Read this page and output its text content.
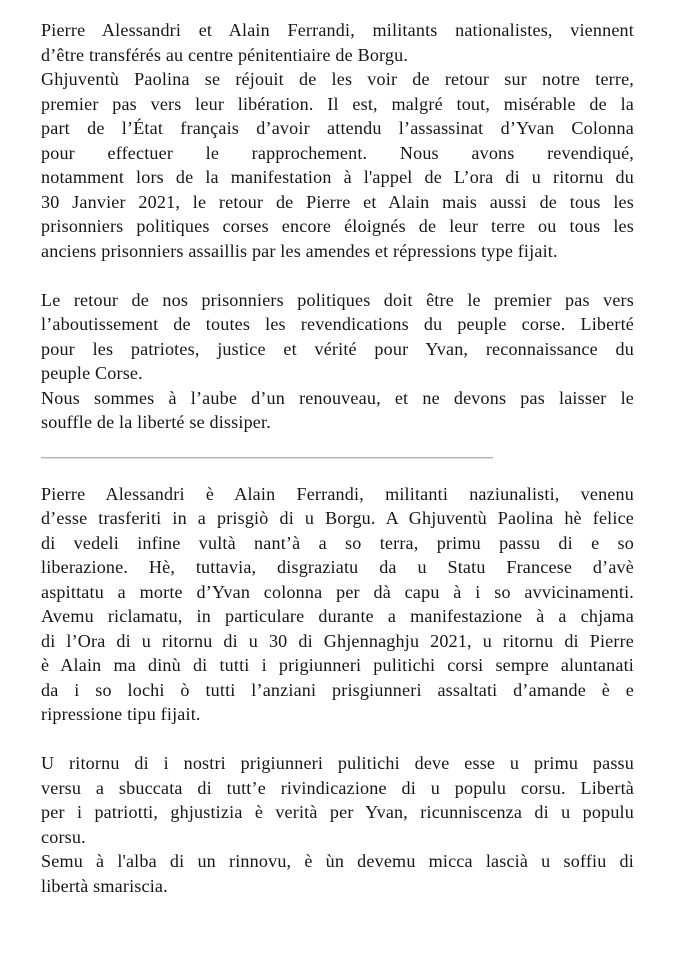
Pierre Alessandri et Alain Ferrandi, militants nationalistes, viennent
d’être transférés au centre pénitentiaire de Borgu.
Ghjuventù Paolina se réjouit de les voir de retour sur notre terre,
premier pas vers leur libération. Il est, malgré tout, misérable de la
part de l’État français d’avoir attendu l’assassinat d’Yvan Colonna
pour effectuer le rapprochement. Nous avons revendiqué,
notamment lors de la manifestation à l'appel de L’ora di u ritornu du
30 Janvier 2021, le retour de Pierre et Alain mais aussi de tous les
prisonniers politiques corses encore éloignés de leur terre ou tous les
anciens prisonniers assaillis par les amendes et répressions type fijait.
Le retour de nos prisonniers politiques doit être le premier pas vers
l’aboutissement de toutes les revendications du peuple corse. Liberté
pour les patriotes, justice et vérité pour Yvan, reconnaissance du
peuple Corse.
Nous sommes à l’aube d’un renouveau, et ne devons pas laisser le
souffle de la liberté se dissiper.
Pierre Alessandri è Alain Ferrandi, militanti naziunalisti, venenu
d’esse trasferiti in a prisgiò di u Borgu. A Ghjuventù Paolina hè felice
di vedeli infine vultà nant’à a so terra, primu passu di e so
liberazione. Hè, tuttavia, disgraziatu da u Statu Francese d’avè
aspittatu a morte d’Yvan colonna per dà capu à i so avvicinamenti.
Avemu riclamatu, in particulare durante a manifestazione à a chjama
di l’Ora di u ritornu di u 30 di Ghjennaghju 2021, u ritornu di Pierre
è Alain ma dinù di tutti i prigiunneri pulitichi corsi sempre aluntanati
da i so lochi ò tutti l’anziani prisgiunneri assaltati d’amande è e
ripressione tipu fijait.
U ritornu di i nostri prigiunneri pulitichi deve esse u primu passu
versu a sbuccata di tutt’e rivindicazione di u populu corsu. Libertà
per i patriotti, ghjustizia è verità per Yvan, ricunniscenza di u populu
corsu.
Semu à l'alba di un rinnovu, è ùn devemu micca lascià u soffiu di
libertà smariscia.
